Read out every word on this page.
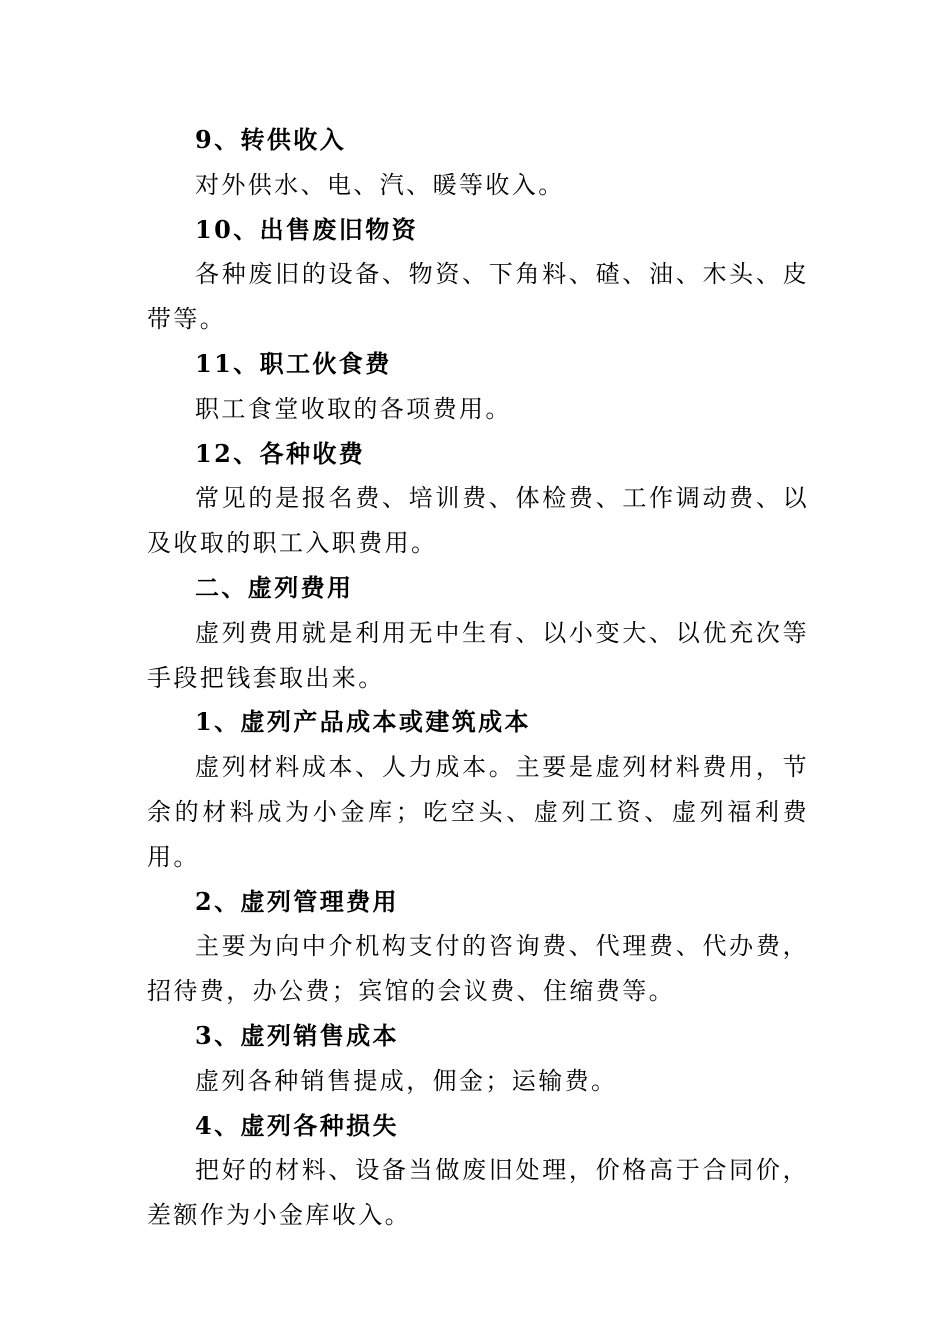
9、转供收入

对外供水、电、汽、暖等收入。

10、出售废旧物资

各种废旧的设备、物资、下角料、碴、油、木头、皮带等。

11、职工伙食费

职工食堂收取的各项费用。

12、各种收费

常见的是报名费、培训费、体检费、工作调动费、以及收取的职工入职费用。

二、虚列费用

虚列费用就是利用无中生有、以小变大、以优充次等手段把钱套取出来。

1、虚列产品成本或建筑成本

虚列材料成本、人力成本。主要是虚列材料费用，节余的材料成为小金库；吃空头、虚列工资、虚列福利费用。

2、虚列管理费用

主要为向中介机构支付的咨询费、代理费、代办费，招待费，办公费；宾馆的会议费、住缩费等。

3、虚列销售成本

虚列各种销售提成，佣金；运输费。

4、虚列各种损失

把好的材料、设备当做废旧处理，价格高于合同价，差额作为小金库收入。
